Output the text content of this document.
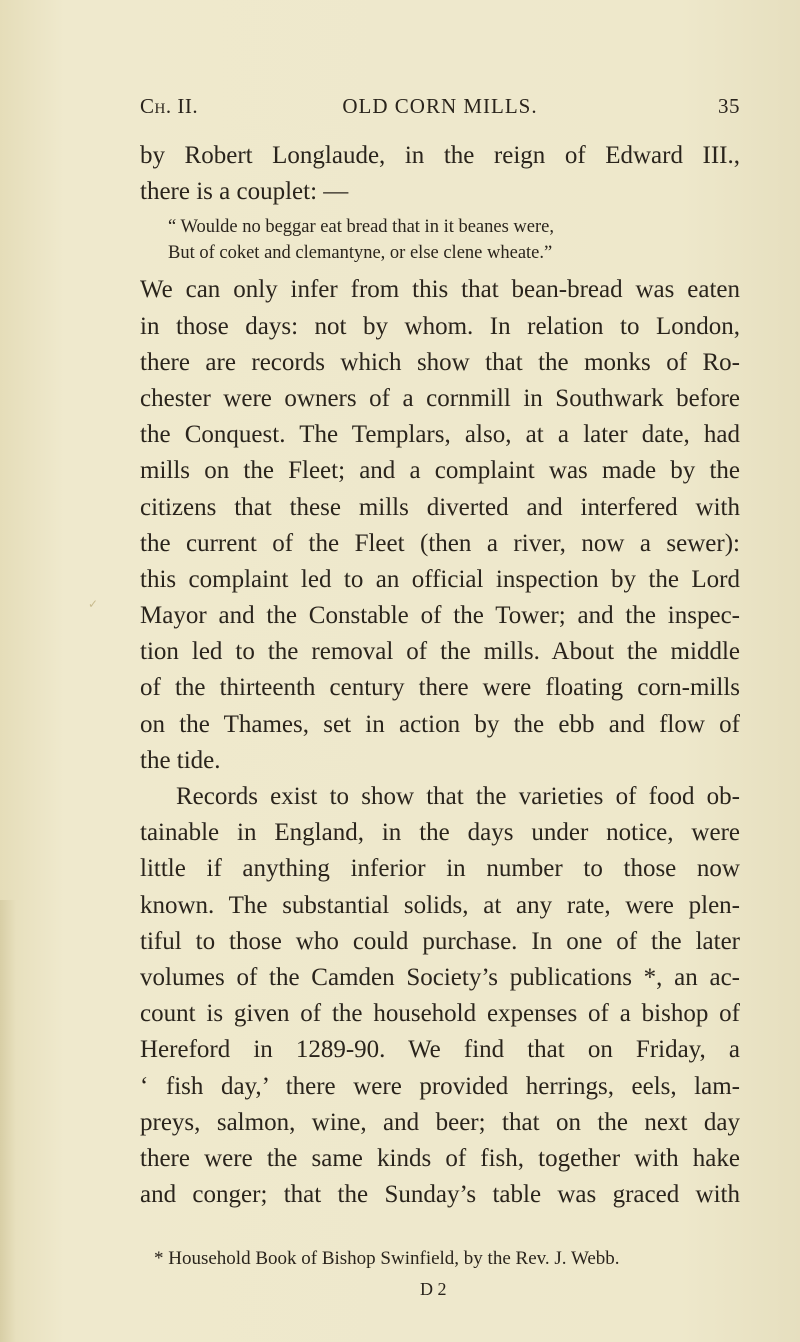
✓
Ch. II.	OLD CORN MILLS.	35
by Robert Longlaude, in the reign of Edward III.,
there is a couplet: —
“ Woulde no beggar eat bread that in it beanes were,
But of coket and clemantyne, or else clene wheate.”
We can only infer from this that bean-bread was eaten
in those days: not by whom. In relation to London,
there are records which show that the monks of Ro-
chester were owners of a cornmill in Southwark before
the Conquest. The Templars, also, at a later date, had
mills on the Fleet; and a complaint was made by the
citizens that these mills diverted and interfered with
the current of the Fleet (then a river, now a sewer):
this complaint led to an official inspection by the Lord
Mayor and the Constable of the Tower; and the inspec-
tion led to the removal of the mills. About the middle
of the thirteenth century there were floating corn-mills
on the Thames, set in action by the ebb and flow of
the tide.
Records exist to show that the varieties of food ob-
tainable in England, in the days under notice, were
little if anything inferior in number to those now
known. The substantial solids, at any rate, were plen-
tiful to those who could purchase. In one of the later
volumes of the Camden Society’s publications *, an ac-
count is given of the household expenses of a bishop of
Hereford in 1289-90. We find that on Friday, a
‘ fish day,’ there were provided herrings, eels, lam-
preys, salmon, wine, and beer; that on the next day
there were the same kinds of fish, together with hake
and conger; that the Sunday’s table was graced with
* Household Book of Bishop Swinfield, by the Rev. J. Webb.
D 2
